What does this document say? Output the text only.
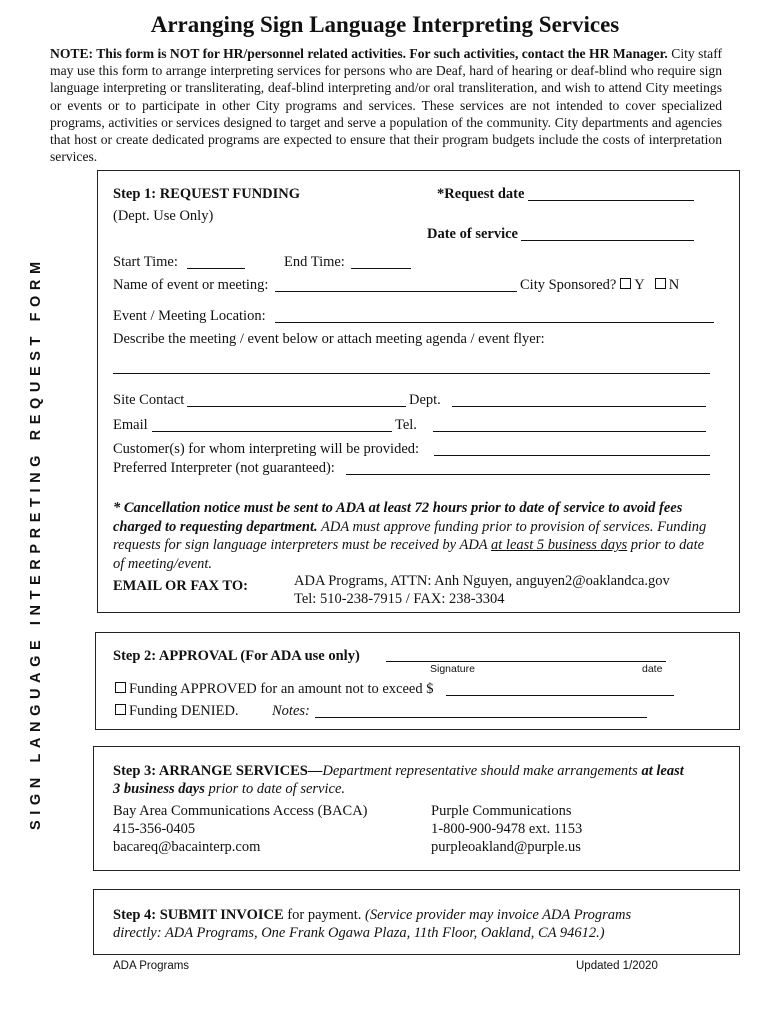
Arranging Sign Language Interpreting Services
NOTE: This form is NOT for HR/personnel related activities. For such activities, contact the HR Manager. City staff may use this form to arrange interpreting services for persons who are Deaf, hard of hearing or deaf-blind who require sign language interpreting or transliterating, deaf-blind interpreting and/or oral transliteration, and wish to attend City meetings or events or to participate in other City programs and services. These services are not intended to cover specialized programs, activities or services designed to target and serve a population of the community. City departments and agencies that host or create dedicated programs are expected to ensure that their program budgets include the costs of interpretation services.
SIGN LANGUAGE INTERPRETING REQUEST FORM
Step 1: REQUEST FUNDING
(Dept. Use Only)
*Request date
Date of service
Start Time:	End Time:
Name of event or meeting:	City Sponsored? Y N
Event / Meeting Location:
Describe the meeting / event below or attach meeting agenda / event flyer:
Site Contact	Dept.
Email	Tel.
Customer(s) for whom interpreting will be provided:
Preferred Interpreter (not guaranteed):
* Cancellation notice must be sent to ADA at least 72 hours prior to date of service to avoid fees charged to requesting department. ADA must approve funding prior to provision of services. Funding requests for sign language interpreters must be received by ADA at least 5 business days prior to date of meeting/event.
EMAIL OR FAX TO:	ADA Programs, ATTN: Anh Nguyen, anguyen2@oaklandca.gov
Tel: 510-238-7915 / FAX: 238-3304
Step 2: APPROVAL (For ADA use only)
Signature	date
Funding APPROVED for an amount not to exceed $
Funding DENIED. Notes:
Step 3: ARRANGE SERVICES—Department representative should make arrangements at least 3 business days prior to date of service.
Bay Area Communications Access (BACA)
415-356-0405
bacareq@bacainterp.com
Purple Communications
1-800-900-9478 ext. 1153
purpleoakland@purple.us
Step 4: SUBMIT INVOICE for payment. (Service provider may invoice ADA Programs directly: ADA Programs, One Frank Ogawa Plaza, 11th Floor, Oakland, CA 94612.)
ADA Programs	Updated 1/2020
